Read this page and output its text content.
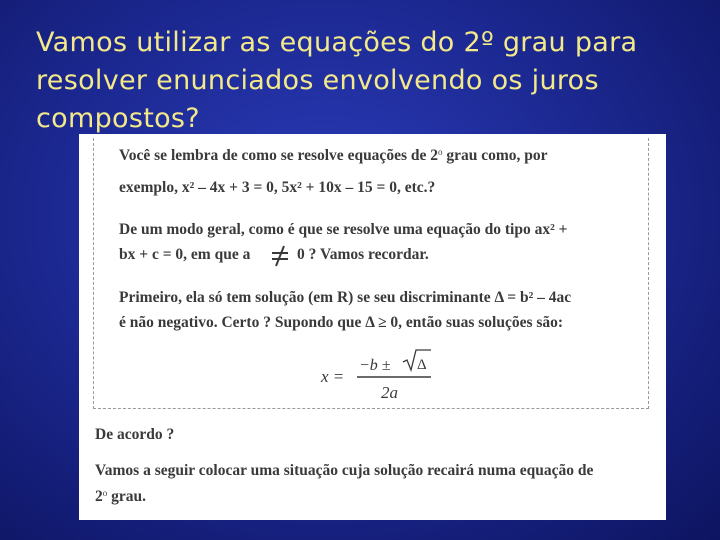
Vamos utilizar as equações do 2º grau para
resolver enunciados envolvendo os juros
compostos?
Você se lembra de como se resolve equações de 2$^o$ grau como, por
exemplo, x² – 4x + 3 = 0, 5x² + 10x – 15 = 0, etc.?
De um modo geral, como é que se resolve uma equação do tipo ax² +
bx + c = 0, em que a	0 ? Vamos recordar.
Primeiro, ela só tem solução (em R) se seu discriminante Δ = b² – 4ac
é não negativo. Certo ? Supondo que Δ ≥ 0, então suas soluções são:
x =
−b ± Δ
2a
De acordo ?
Vamos a seguir colocar uma situação cuja solução recairá numa equação de
2$^o$ grau.
